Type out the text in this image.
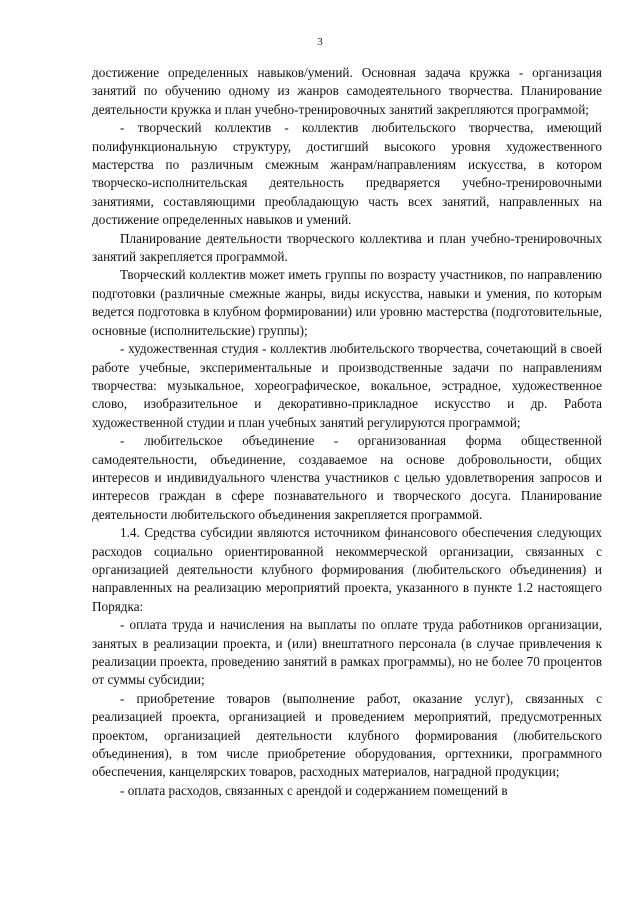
3

достижение определенных навыков/умений. Основная задача кружка - организация занятий по обучению одному из жанров самодеятельного творчества. Планирование деятельности кружка и план учебно-тренировочных занятий закрепляются программой;

- творческий коллектив - коллектив любительского творчества, имеющий полифункциональную структуру, достигший высокого уровня художественного мастерства по различным смежным жанрам/направлениям искусства, в котором творческо-исполнительская деятельность предваряется учебно-тренировочными занятиями, составляющими преобладающую часть всех занятий, направленных на достижение определенных навыков и умений.

Планирование деятельности творческого коллектива и план учебно-тренировочных занятий закрепляется программой.

Творческий коллектив может иметь группы по возрасту участников, по направлению подготовки (различные смежные жанры, виды искусства, навыки и умения, по которым ведется подготовка в клубном формировании) или уровню мастерства (подготовительные, основные (исполнительские) группы);

- художественная студия - коллектив любительского творчества, сочетающий в своей работе учебные, экспериментальные и производственные задачи по направлениям творчества: музыкальное, хореографическое, вокальное, эстрадное, художественное слово, изобразительное и декоративно-прикладное искусство и др. Работа художественной студии и план учебных занятий регулируются программой;

- любительское объединение - организованная форма общественной самодеятельности, объединение, создаваемое на основе добровольности, общих интересов и индивидуального членства участников с целью удовлетворения запросов и интересов граждан в сфере познавательного и творческого досуга. Планирование деятельности любительского объединения закрепляется программой.

1.4. Средства субсидии являются источником финансового обеспечения следующих расходов социально ориентированной некоммерческой организации, связанных с организацией деятельности клубного формирования (любительского объединения) и направленных на реализацию мероприятий проекта, указанного в пункте 1.2 настоящего Порядка:

- оплата труда и начисления на выплаты по оплате труда работников организации, занятых в реализации проекта, и (или) внештатного персонала (в случае привлечения к реализации проекта, проведению занятий в рамках программы), но не более 70 процентов от суммы субсидии;

- приобретение товаров (выполнение работ, оказание услуг), связанных с реализацией проекта, организацией и проведением мероприятий, предусмотренных проектом, организацией деятельности клубного формирования (любительского объединения), в том числе приобретение оборудования, оргтехники, программного обеспечения, канцелярских товаров, расходных материалов, наградной продукции;

- оплата расходов, связанных с арендой и содержанием помещений в
